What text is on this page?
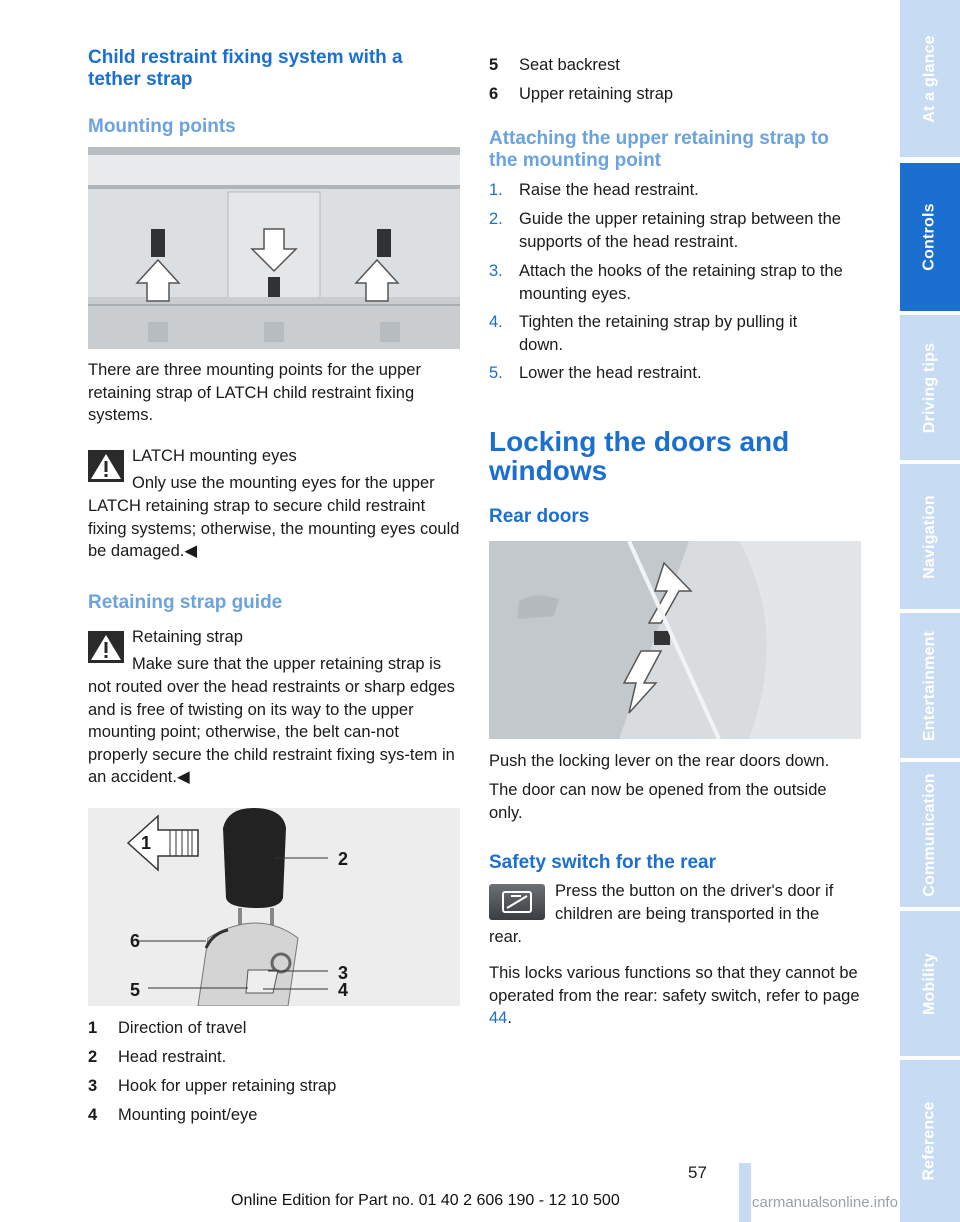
Child restraint fixing system with a tether strap
Mounting points

There are three mounting points for the upper retaining strap of LATCH child restraint fixing systems.

LATCH mounting eyes

Only use the mounting eyes for the upper

LATCH retaining strap to secure child restraint fixing systems; otherwise, the mounting eyes could be damaged.◀

Retaining strap guide

Retaining strap

Make sure that the upper retaining strap is

not routed over the head restraints or sharp edges and is free of twisting on its way to the upper mounting point; otherwise, the belt can-not properly secure the child restraint fixing sys-tem in an accident.◀

1
2
6
3
5	4
1 Direction of travel
2 Head restraint.
3 Hook for upper retaining strap
4 Mounting point/eye
5 Seat backrest
6 Upper retaining strap
Attaching the upper retaining strap to the mounting point
1. Raise the head restraint.
2. Guide the upper retaining strap between the
supports of the head restraint.
3. Attach the hooks of the retaining strap to the
mounting eyes.
4. Tighten the retaining strap by pulling it
down.
5. Lower the head restraint.
Locking the doors and windows
Rear doors

Push the locking lever on the rear doors down.

The door can now be opened from the outside only.

Safety switch for the rear

Press the button on the driver's door if

children are being transported in the

rear.

This locks various functions so that they cannot be operated from the rear: safety switch, refer to page 44.

At a glance
Controls
Driving tips
Navigation
Entertainment
Communication
Mobility
Reference
57
Online Edition for Part no. 01 40 2 606 190 - 12 10 500	carmanualsonline.info
